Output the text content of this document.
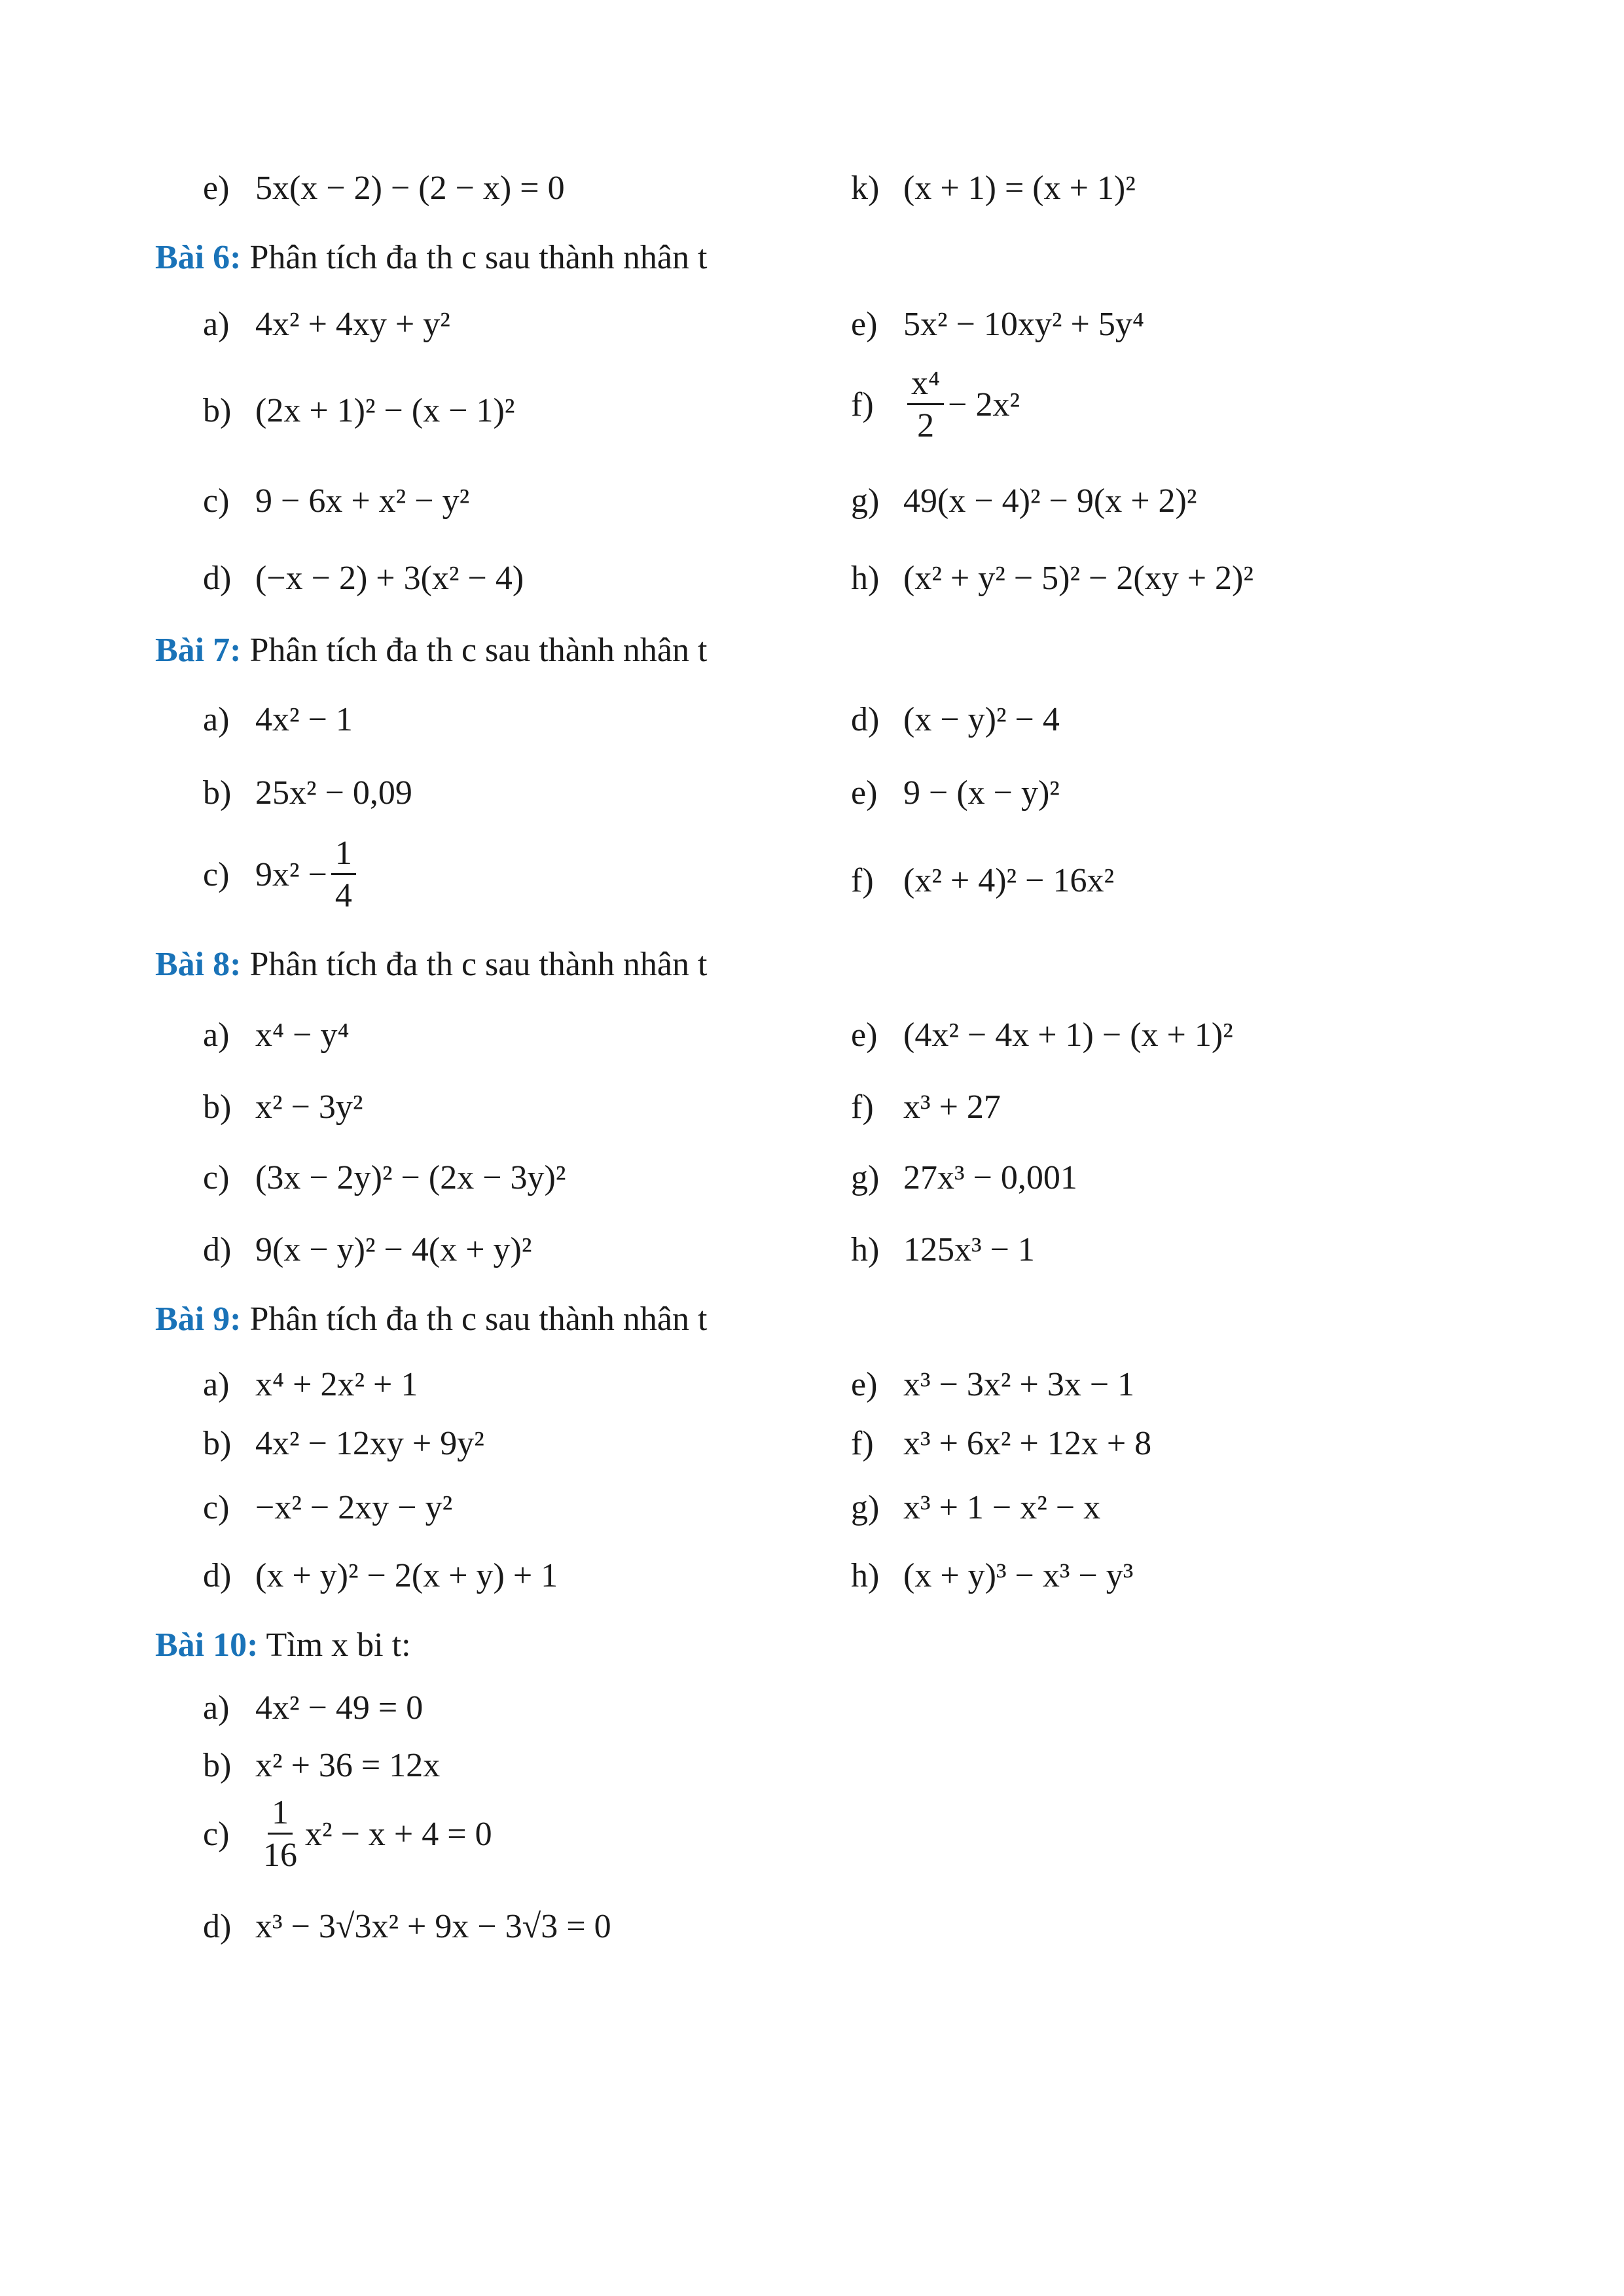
e) 5x(x − 2) − (2 − x) = 0	k) (x + 1) = (x + 1)²
Bài 6: Phân tích đa th c sau thành nhân t
a) 4x² + 4xy + y²	e) 5x² − 10xy² + 5y⁴
b) (2x + 1)² − (x − 1)²	$f) \frac{\text{x⁴}}{2} - 2x^2$
c) 9 − 6x + x² − y²	g) 49(x − 4)² − 9(x + 2)²
d) (−x − 2) + 3(x² − 4)	h) (x² + y² − 5)² − 2(xy + 2)²
Bài 7: Phân tích đa th c sau thành nhân t
a) 4x² − 1	d) (x − y)² − 4
b) 25x² − 0,09	e) 9 − (x − y)²
c) $9x^2 - \frac{1}{4}$	f) (x² + 4)² − 16x²
Bài 8: Phân tích đa th c sau thành nhân t
a) x⁴ − y⁴	e) (4x² − 4x + 1) − (x + 1)²
b) x² − 3y²	f) x³ + 27
c) (3x − 2y)² − (2x − 3y)²	g) 27x³ − 0,001
d) 9(x − y)² − 4(x + y)²	h) 125x³ − 1
Bài 9: Phân tích đa th c sau thành nhân t
a) x⁴ + 2x² + 1	e) x³ − 3x² + 3x − 1
b) 4x² − 12xy + 9y²	f) x³ + 6x² + 12x + 8
c) −x² − 2xy − y²	g) x³ + 1 − x² − x
d) (x + y)² − 2(x + y) + 1	h) (x + y)³ − x³ − y³
Bài 10: Tìm x bi t:
a) 4x² − 49 = 0
b) x² + 36 = 12x
$c) \frac{1}{16} x^2 - x + 4 = 0$
d) x³ − 3√3x² + 9x − 3√3 = 0
